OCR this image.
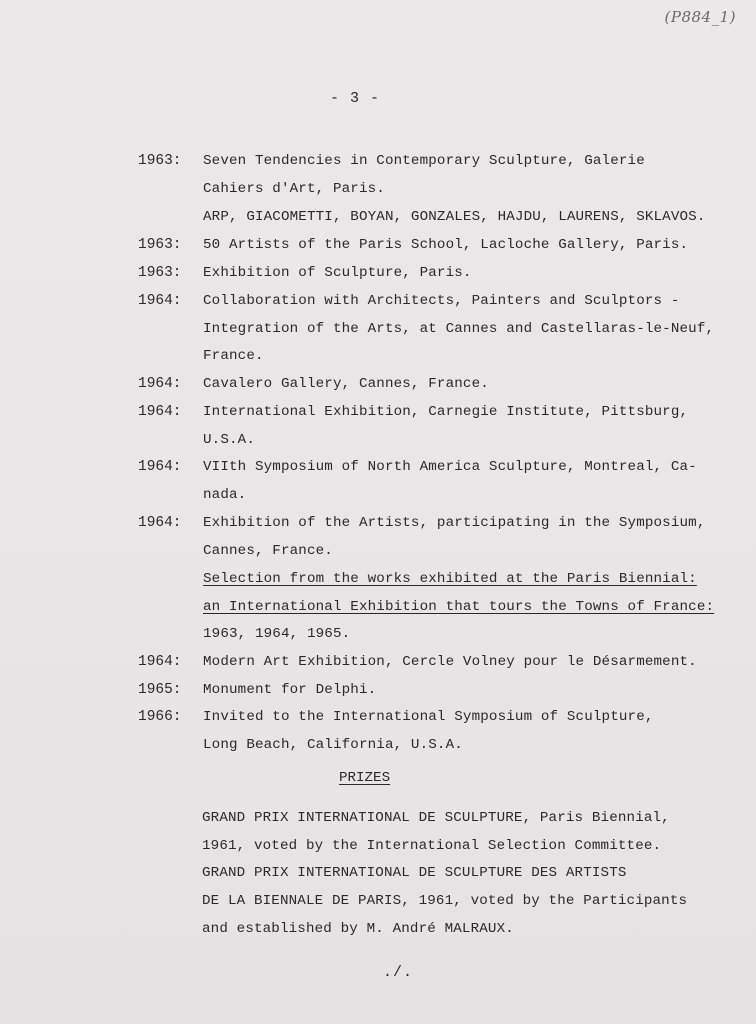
(P884_1)
- 3 -
1963: Seven Tendencies in Contemporary Sculpture, Galerie
Cahiers d'Art, Paris.
ARP, GIACOMETTI, BOYAN, GONZALES, HAJDU, LAURENS, SKLAVOS.
1963: 50 Artists of the Paris School, Lacloche Gallery, Paris.
1963: Exhibition of Sculpture, Paris.
1964: Collaboration with Architects, Painters and Sculptors -
Integration of the Arts, at Cannes and Castellaras-le-Neuf,
France.
1964: Cavalero Gallery, Cannes, France.
1964: International Exhibition, Carnegie Institute, Pittsburg,
U.S.A.
1964: VIIth Symposium of North America Sculpture, Montreal, Ca-
nada.
1964: Exhibition of the Artists, participating in the Symposium,
Cannes, France.
Selection from the works exhibited at the Paris Biennial:
an International Exhibition that tours the Towns of France:
1963, 1964, 1965.
1964: Modern Art Exhibition, Cercle Volney pour le Désarmement.
1965: Monument for Delphi.
1966: Invited to the International Symposium of Sculpture,
Long Beach, California, U.S.A.
PRIZES
GRAND PRIX INTERNATIONAL DE SCULPTURE, Paris Biennial,
1961, voted by the International Selection Committee.
GRAND PRIX INTERNATIONAL DE SCULPTURE DES ARTISTS
DE LA BIENNALE DE PARIS, 1961, voted by the Participants
and established by M. André MALRAUX.
./.
